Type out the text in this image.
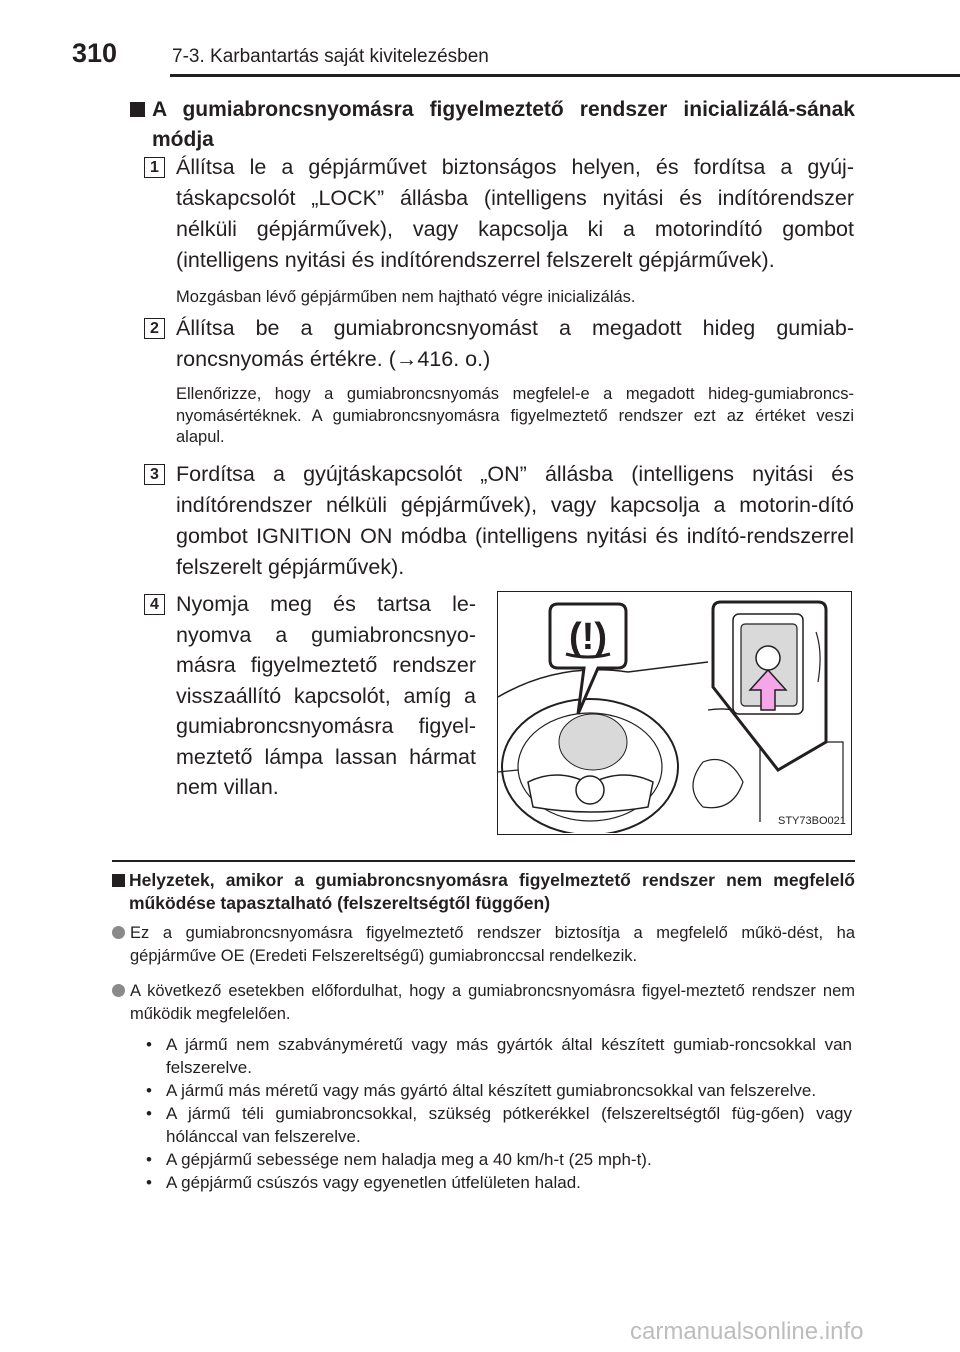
310	7-3. Karbantartás saját kivitelezésben
A gumiabroncsnyomásra figyelmeztető rendszer inicializálá-sának módja
1 Állítsa le a gépjárművet biztonságos helyen, és fordítsa a gyúj-táskapcsolót „LOCK” állásba (intelligens nyitási és indítórendszer nélküli gépjárművek), vagy kapcsolja ki a motorindító gombot (intelligens nyitási és indítórendszerrel felszerelt gépjárművek).
Mozgásban lévő gépjárműben nem hajtható végre inicializálás.
2 Állítsa be a gumiabroncsnyomást a megadott hideg gumiab-roncsnyomás értékre. (→416. o.)
Ellenőrizze, hogy a gumiabroncsnyomás megfelel-e a megadott hideg-gumiabroncs-nyomásértéknek. A gumiabroncsnyomásra figyelmeztető rendszer ezt az értéket veszi alapul.
3 Fordítsa a gyújtáskapcsolót „ON” állásba (intelligens nyitási és indítórendszer nélküli gépjárművek), vagy kapcsolja a motorin-dító gombot IGNITION ON módba (intelligens nyitási és indító-rendszerrel felszerelt gépjárművek).
4 Nyomja meg és tartsa le-nyomva a gumiabroncsnyo-másra figyelmeztető rendszer visszaállító kapcsolót, amíg a gumiabroncsnyomásra figyel-meztető lámpa lassan hármat nem villan.
(!)
STY73BO021
Helyzetek, amikor a gumiabroncsnyomásra figyelmeztető rendszer nem megfelelő működése tapasztalható (felszereltségtől függően)
Ez a gumiabroncsnyomásra figyelmeztető rendszer biztosítja a megfelelő műkö-dést, ha gépjárműve OE (Eredeti Felszereltségű) gumiabronccsal rendelkezik.
A következő esetekben előfordulhat, hogy a gumiabroncsnyomásra figyel-meztető rendszer nem működik megfelelően.
• A jármű nem szabványméretű vagy más gyártók által készített gumiab-roncsokkal van felszerelve.
• A jármű más méretű vagy más gyártó által készített gumiabroncsokkal van felszerelve.
• A jármű téli gumiabroncsokkal, szükség pótkerékkel (felszereltségtől füg-gően) vagy hólánccal van felszerelve.
• A gépjármű sebessége nem haladja meg a 40 km/h-t (25 mph-t).
• A gépjármű csúszós vagy egyenetlen útfelületen halad.
carmanualsonline.info
